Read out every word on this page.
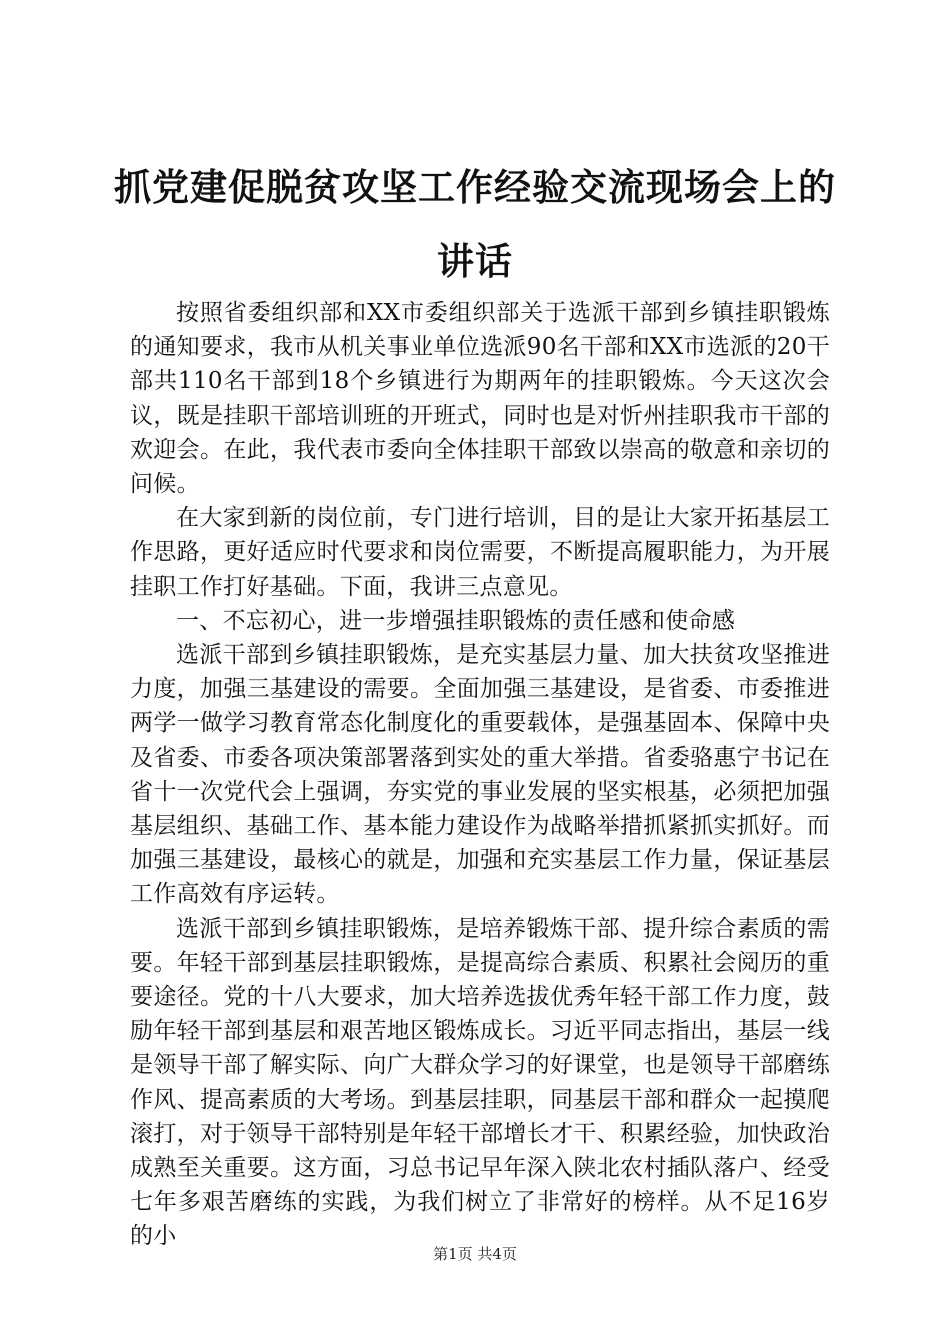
抓党建促脱贫攻坚工作经验交流现场会上的讲话

按照省委组织部和XX市委组织部关于选派干部到乡镇挂职锻炼的通知要求，我市从机关事业单位选派90名干部和XX市选派的20干部共110名干部到18个乡镇进行为期两年的挂职锻炼。今天这次会议，既是挂职干部培训班的开班式，同时也是对忻州挂职我市干部的欢迎会。在此，我代表市委向全体挂职干部致以崇高的敬意和亲切的问候。

在大家到新的岗位前，专门进行培训，目的是让大家开拓基层工作思路，更好适应时代要求和岗位需要，不断提高履职能力，为开展挂职工作打好基础。下面，我讲三点意见。

一、不忘初心，进一步增强挂职锻炼的责任感和使命感

选派干部到乡镇挂职锻炼，是充实基层力量、加大扶贫攻坚推进力度，加强三基建设的需要。全面加强三基建设，是省委、市委推进两学一做学习教育常态化制度化的重要载体，是强基固本、保障中央及省委、市委各项决策部署落到实处的重大举措。省委骆惠宁书记在省十一次党代会上强调，夯实党的事业发展的坚实根基，必须把加强基层组织、基础工作、基本能力建设作为战略举措抓紧抓实抓好。而加强三基建设，最核心的就是，加强和充实基层工作力量，保证基层工作高效有序运转。

选派干部到乡镇挂职锻炼，是培养锻炼干部、提升综合素质的需要。年轻干部到基层挂职锻炼，是提高综合素质、积累社会阅历的重要途径。党的十八大要求，加大培养选拔优秀年轻干部工作力度，鼓励年轻干部到基层和艰苦地区锻炼成长。习近平同志指出，基层一线是领导干部了解实际、向广大群众学习的好课堂，也是领导干部磨练作风、提高素质的大考场。到基层挂职，同基层干部和群众一起摸爬滚打，对于领导干部特别是年轻干部增长才干、积累经验，加快政治成熟至关重要。这方面，习总书记早年深入陕北农村插队落户、经受七年多艰苦磨练的实践，为我们树立了非常好的榜样。从不足16岁的小

第1页 共4页
